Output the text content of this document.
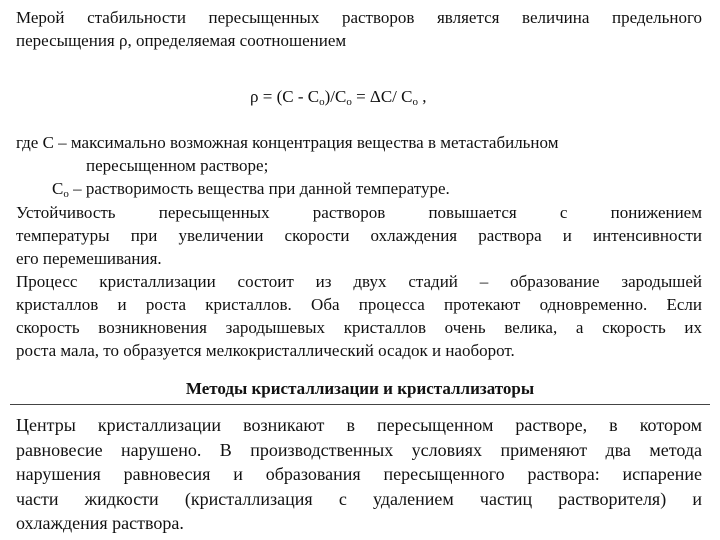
Мерой стабильности пересыщенных растворов является величина предельного
пересыщения ρ, определяемая соотношением
$\rho = (C - C_o)/C_o = \Delta C/$ $C_o$ ,
где C – максимально возможная концентрация вещества в метастабильном
пересыщенном растворе;
$C_o$ – растворимость вещества при данной температуре.
Устойчивость пересыщенных растворов повышается с понижением
температуры при увеличении скорости охлаждения раствора и интенсивности
его перемешивания.
Процесс кристаллизации состоит из двух стадий – образование зародышей
кристаллов и роста кристаллов. Оба процесса протекают одновременно. Если
скорость возникновения зародышевых кристаллов очень велика, а скорость их
роста мала, то образуется мелкокристаллический осадок и наоборот.
Методы кристаллизации и кристаллизаторы
Центры кристаллизации возникают в пересыщенном растворе, в котором
равновесие нарушено. В производственных условиях применяют два метода
нарушения равновесия и образования пересыщенного раствора: испарение
части жидкости (кристаллизация с удалением частиц растворителя) и
охлаждения раствора.
